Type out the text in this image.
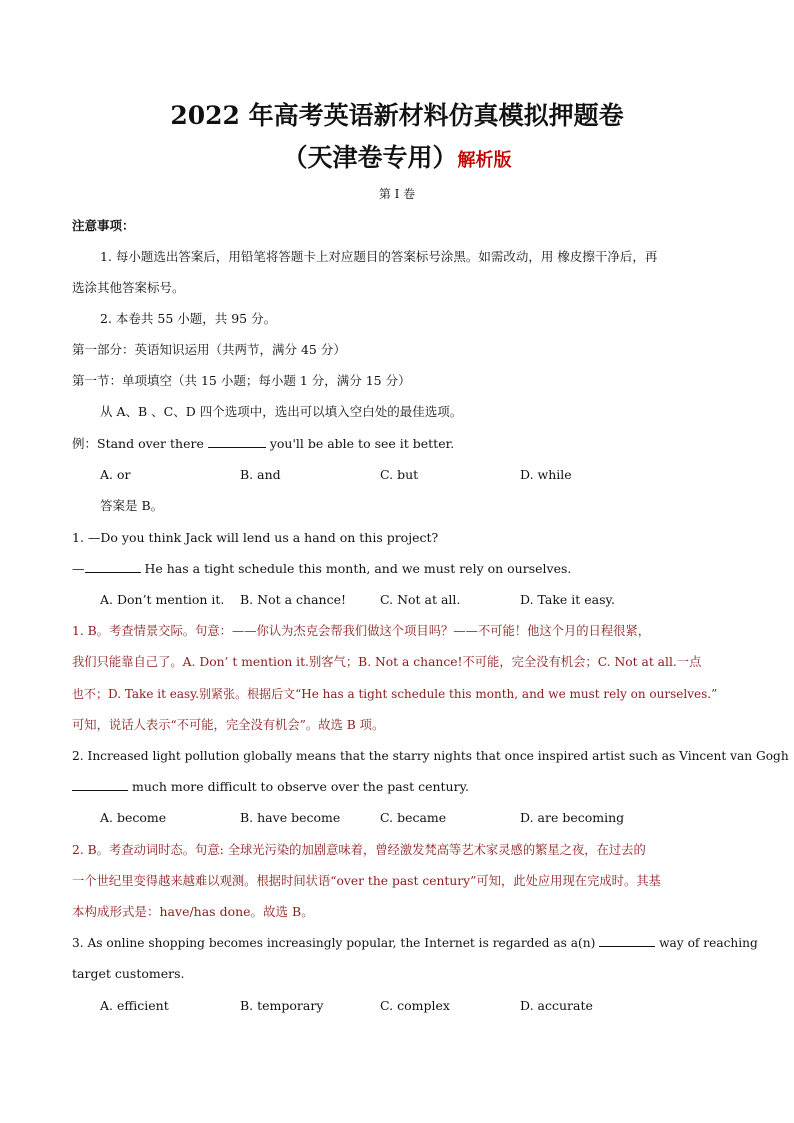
2022 年高考英语新材料仿真模拟押题卷
（天津卷专用）解析版
第 I 卷
注意事项：
1. 每小题选出答案后，用铅笔将答题卡上对应题目的答案标号涂黑。如需改动，用 橡皮擦干净后，再
选涂其他答案标号。
2. 本卷共 55 小题，共 95 分。
第一部分：英语知识运用（共两节，满分 45 分）
第一节：单项填空（共 15 小题；每小题 1 分，满分 15 分）
从 A、B 、C、D 四个选项中，选出可以填入空白处的最佳选项。
例：Stand over there	you'll be able to see it better.
A. or	B. and	C. but	D. while
答案是 B。
1. —Do you think Jack will lend us a hand on this project?
—	He has a tight schedule this month, and we must rely on ourselves.
A. Don’t mention it. B. Not a chance!	C. Not at all.	D. Take it easy.
1. B。考查情景交际。句意：——你认为杰克会帮我们做这个项目吗？——不可能！他这个月的日程很紧，
我们只能靠自己了。A. Don’ t mention it.别客气；B. Not a chance!不可能，完全没有机会；C. Not at all.一点
也不；D. Take it easy.别紧张。根据后文“He has a tight schedule this month, and we must rely on ourselves.”
可知，说话人表示“不可能，完全没有机会”。故选 B 项。
2. Increased light pollution globally means that the starry nights that once inspired artist such as Vincent van Gogh
much more difficult to observe over the past century.
A. become	B. have become	C. became	D. are becoming
2. B。考查动词时态。句意: 全球光污染的加剧意味着，曾经激发梵高等艺术家灵感的繁星之夜，在过去的
一个世纪里变得越来越难以观测。根据时间状语“over the past century”可知，此处应用现在完成时。其基
本构成形式是：have/has done。故选 B。
3. As online shopping becomes increasingly popular, the Internet is regarded as a(n)	way of reaching
target customers.
A. efficient	B. temporary	C. complex	D. accurate
